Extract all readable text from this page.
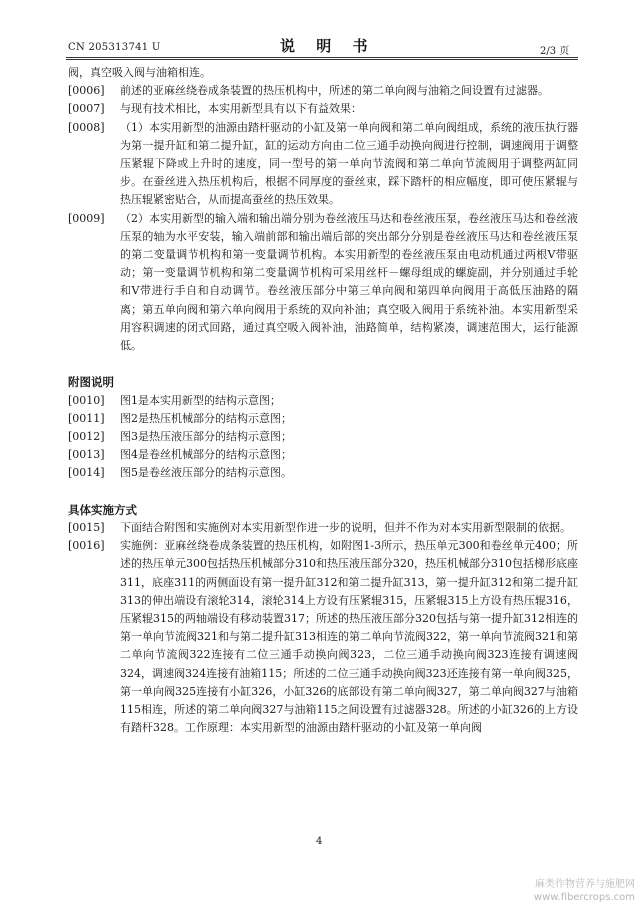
CN 205313741 U	说 明 书	2/3 页
阀，真空吸入阀与油箱相连。
[0006] 前述的亚麻丝绕卷成条装置的热压机构中，所述的第二单向阀与油箱之间设置有过滤器。
[0007] 与现有技术相比，本实用新型具有以下有益效果：
[0008] （1）本实用新型的油源由踏杆驱动的小缸及第一单向阀和第二单向阀组成，系统的液压执行器为第一提升缸和第二提升缸，缸的运动方向由二位三通手动换向阀进行控制，调速阀用于调整压紧辊下降或上升时的速度，同一型号的第一单向节流阀和第二单向节流阀用于调整两缸同步。在蚕丝进入热压机构后，根据不同厚度的蚕丝束，踩下踏杆的相应幅度，即可使压紧辊与热压辊紧密贴合，从而提高蚕丝的热压效果。
[0009] （2）本实用新型的输入端和输出端分别为卷丝液压马达和卷丝液压泵，卷丝液压马达和卷丝液压泵的轴为水平安装，输入端前部和输出端后部的突出部分分别是卷丝液压马达和卷丝液压泵的第二变量调节机构和第一变量调节机构。本实用新型的卷丝液压泵由电动机通过两根V带驱动；第一变量调节机构和第二变量调节机构可采用丝杆－螺母组成的螺旋副，并分别通过手轮和V带进行手自和自动调节。卷丝液压部分中第三单向阀和第四单向阀用于高低压油路的隔离；第五单向阀和第六单向阀用于系统的双向补油；真空吸入阀用于系统补油。本实用新型采用容积调速的闭式回路，通过真空吸入阀补油，油路简单，结构紧凑，调速范围大，运行能源低。
附图说明
[0010] 图1是本实用新型的结构示意图；
[0011] 图2是热压机械部分的结构示意图；
[0012] 图3是热压液压部分的结构示意图；
[0013] 图4是卷丝机械部分的结构示意图；
[0014] 图5是卷丝液压部分的结构示意图。
具体实施方式
[0015] 下面结合附图和实施例对本实用新型作进一步的说明，但并不作为对本实用新型限制的依据。
[0016] 实施例：亚麻丝绕卷成条装置的热压机构，如附图1-3所示，热压单元300和卷丝单元400；所述的热压单元300包括热压机械部分310和热压液压部分320，热压机械部分310包括梯形底座311，底座311的两侧面设有第一提升缸312和第二提升缸313，第一提升缸312和第二提升缸313的伸出端设有滚轮314，滚轮314上方设有压紧辊315，压紧辊315上方设有热压辊316，压紧辊315的两轴端设有移动装置317；所述的热压液压部分320包括与第一提升缸312相连的第一单向节流阀321和与第二提升缸313相连的第二单向节流阀322，第一单向节流阀321和第二单向节流阀322连接有二位三通手动换向阀323，二位三通手动换向阀323连接有调速阀324，调速阀324连接有油箱115；所述的二位三通手动换向阀323还连接有第一单向阀325，第一单向阀325连接有小缸326，小缸326的底部设有第二单向阀327，第二单向阀327与油箱115相连，所述的第二单向阀327与油箱115之间设置有过滤器328。所述的小缸326的上方设有踏杆328。工作原理：本实用新型的油源由踏杆驱动的小缸及第一单向阀
4
麻类作物营养与施肥网
www.fibercrops.com
